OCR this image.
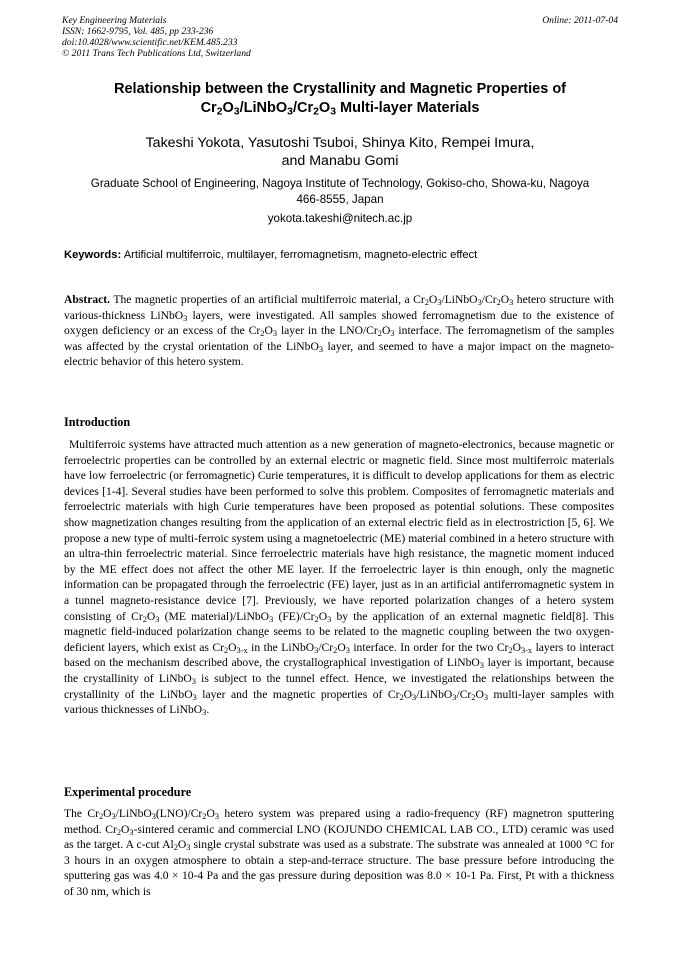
Key Engineering Materials
ISSN: 1662-9795, Vol. 485, pp 233-236
doi:10.4028/www.scientific.net/KEM.485.233
© 2011 Trans Tech Publications Ltd, Switzerland
Online: 2011-07-04
Relationship between the Crystallinity and Magnetic Properties of
$Cr_2O_3/LiNbO_3/Cr_2O_3$ Multi-layer Materials
Takeshi Yokota, Yasutoshi Tsuboi, Shinya Kito, Rempei Imura,
and Manabu Gomi
Graduate School of Engineering, Nagoya Institute of Technology, Gokiso-cho, Showa-ku, Nagoya
466-8555, Japan
yokota.takeshi@nitech.ac.jp
Keywords: Artificial multiferroic, multilayer, ferromagnetism, magneto-electric effect
Abstract. The magnetic properties of an artificial multiferroic material, a $Cr_2O_3/LiNbO_3/Cr_2O_3$ hetero structure with various-thickness LiNbO$_3$ layers, were investigated. All samples showed ferromagnetism due to the existence of oxygen deficiency or an excess of the $Cr_2O_3$ layer in the LNO/$Cr_2O_3$ interface. The ferromagnetism of the samples was affected by the crystal orientation of the LiNbO$_3$ layer, and seemed to have a major impact on the magneto-electric behavior of this hetero system.
Introduction
Multiferroic systems have attracted much attention as a new generation of magneto-electronics, because magnetic or ferroelectric properties can be controlled by an external electric or magnetic field. Since most multiferroic materials have low ferroelectric (or ferromagnetic) Curie temperatures, it is difficult to develop applications for them as electric devices [1-4]. Several studies have been performed to solve this problem. Composites of ferromagnetic materials and ferroelectric materials with high Curie temperatures have been proposed as potential solutions. These composites show magnetization changes resulting from the application of an external electric field as in electrostriction [5, 6]. We propose a new type of multi-ferroic system using a magnetoelectric (ME) material combined in a hetero structure with an ultra-thin ferroelectric material. Since ferroelectric materials have high resistance, the magnetic moment induced by the ME effect does not affect the other ME layer. If the ferroelectric layer is thin enough, only the magnetic information can be propagated through the ferroelectric (FE) layer, just as in an artificial antiferromagnetic system in a tunnel magneto-resistance device [7]. Previously, we have reported polarization changes of a hetero system consisting of $Cr_2O_3$ (ME material)/LiNbO$_3$ $(FE)/Cr_2O_3$ by the application of an external magnetic field[8]. This magnetic field-induced polarization change seems to be related to the magnetic coupling between the two oxygen-deficient layers, which exist as $Cr_2O_{3-x}$ in the $LiNbO_3/Cr_2O_3$ interface. In order for the two $Cr_2O_{3-x}$ layers to interact based on the mechanism described above, the crystallographical investigation of LiNbO$_3$ layer is important, because the crystallinity of LiNbO$_3$ is subject to the tunnel effect. Hence, we investigated the relationships between the crystallinity of the LiNbO$_3$ layer and the magnetic properties of $Cr_2O_3/LiNbO_3/Cr_2O_3$ multi-layer samples with various thicknesses of LiNbO$_3$.
Experimental procedure
The $Cr_2O_3/LiNbO_3(LNO)/Cr_2O_3$ hetero system was prepared using a radio-frequency (RF) magnetron sputtering method. $Cr_2O_3$-sintered ceramic and commercial LNO (KOJUNDO CHEMICAL LAB CO., LTD) ceramic was used as the target. A c-cut $Al_2O_3$ single crystal substrate was used as a substrate. The substrate was annealed at 1000 °C for 3 hours in an oxygen atmosphere to obtain a step-and-terrace structure. The base pressure before introducing the sputtering gas was 4.0 × 10-4 Pa and the gas pressure during deposition was 8.0 × 10-1 Pa. First, Pt with a thickness of 30 nm, which is
